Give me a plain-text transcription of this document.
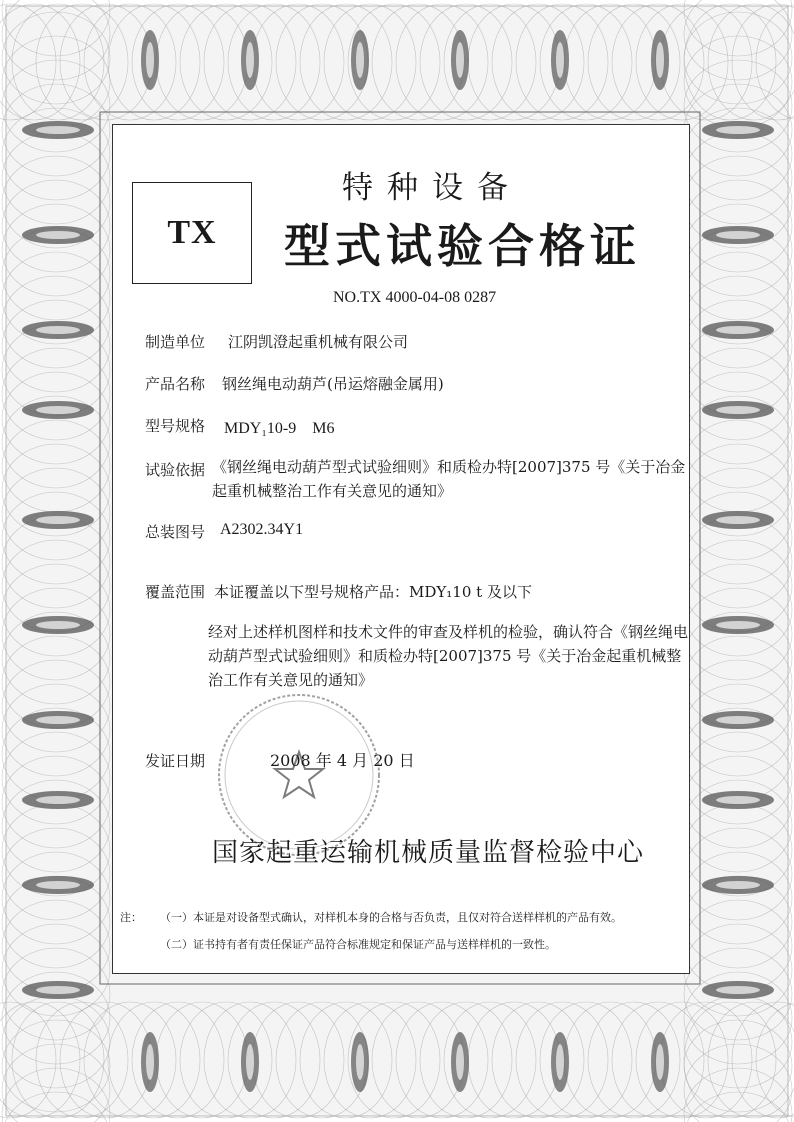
TX
特种设备
型式试验合格证
NO.TX 4000-04-08 0287
制造单位 江阴凯澄起重机械有限公司
产品名称 钢丝绳电动葫芦(吊运熔融金属用)
型号规格 MDY₁10-9　M6
试验依据 《钢丝绳电动葫芦型式试验细则》和质检办特[2007]375 号《关于冶金起重机械整治工作有关意见的通知》
总装图号 A2302.34Y1
覆盖范围 本证覆盖以下型号规格产品：MDY₁10 t 及以下
经对上述样机图样和技术文件的审查及样机的检验，确认符合《钢丝绳电动葫芦型式试验细则》和质检办特[2007]375 号《关于冶金起重机械整治工作有关意见的通知》
发证日期	2008 年 4 月 20 日
国家起重运输机械质量监督检验中心
注： （一）本证是对设备型式确认，对样机本身的合格与否负责，且仅对符合送样样机的产品有效。
（二）证书持有者有责任保证产品符合标准规定和保证产品与送样样机的一致性。
